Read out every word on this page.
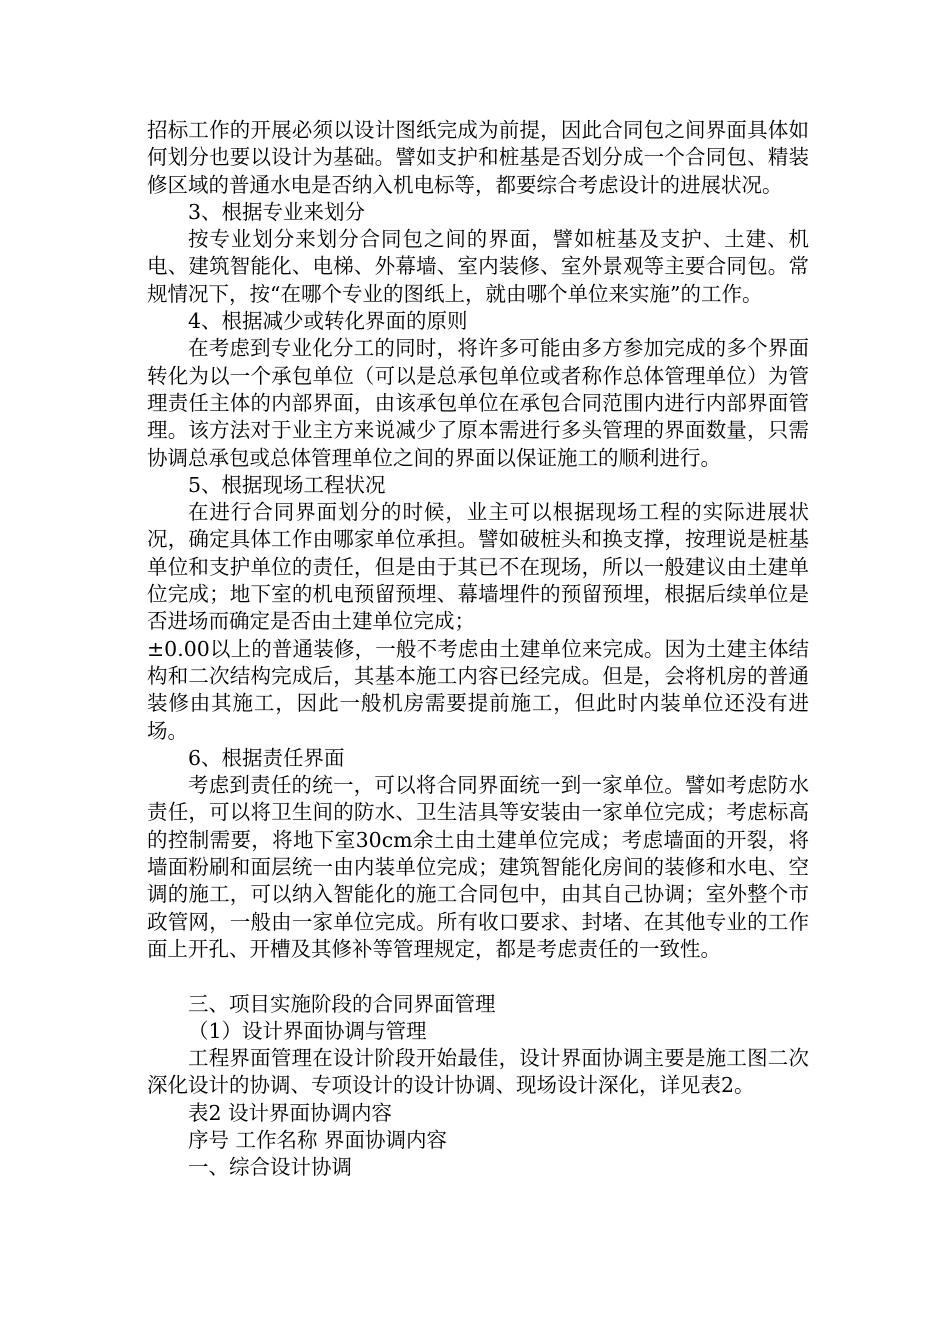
招标工作的开展必须以设计图纸完成为前提，因此合同包之间界面具体如何划分也要以设计为基础。譬如支护和桩基是否划分成一个合同包、精装修区域的普通水电是否纳入机电标等，都要综合考虑设计的进展状况。

3、根据专业来划分

按专业划分来划分合同包之间的界面，譬如桩基及支护、土建、机电、建筑智能化、电梯、外幕墙、室内装修、室外景观等主要合同包。常规情况下，按“在哪个专业的图纸上，就由哪个单位来实施”的工作。

4、根据减少或转化界面的原则

在考虑到专业化分工的同时，将许多可能由多方参加完成的多个界面转化为以一个承包单位（可以是总承包单位或者称作总体管理单位）为管理责任主体的内部界面，由该承包单位在承包合同范围内进行内部界面管理。该方法对于业主方来说减少了原本需进行多头管理的界面数量，只需协调总承包或总体管理单位之间的界面以保证施工的顺利进行。

5、根据现场工程状况

在进行合同界面划分的时候，业主可以根据现场工程的实际进展状况，确定具体工作由哪家单位承担。譬如破桩头和换支撑，按理说是桩基单位和支护单位的责任，但是由于其已不在现场，所以一般建议由土建单位完成；地下室的机电预留预埋、幕墙埋件的预留预埋，根据后续单位是否进场而确定是否由土建单位完成；

±0.00以上的普通装修，一般不考虑由土建单位来完成。因为土建主体结构和二次结构完成后，其基本施工内容已经完成。但是，会将机房的普通装修由其施工，因此一般机房需要提前施工，但此时内装单位还没有进场。

6、根据责任界面

考虑到责任的统一，可以将合同界面统一到一家单位。譬如考虑防水责任，可以将卫生间的防水、卫生洁具等安装由一家单位完成；考虑标高的控制需要，将地下室30cm余土由土建单位完成；考虑墙面的开裂，将墙面粉刷和面层统一由内装单位完成；建筑智能化房间的装修和水电、空调的施工，可以纳入智能化的施工合同包中，由其自己协调；室外整个市政管网，一般由一家单位完成。所有收口要求、封堵、在其他专业的工作面上开孔、开槽及其修补等管理规定，都是考虑责任的一致性。

三、项目实施阶段的合同界面管理

（1）设计界面协调与管理

工程界面管理在设计阶段开始最佳，设计界面协调主要是施工图二次深化设计的协调、专项设计的设计协调、现场设计深化，详见表2。

表2 设计界面协调内容

序号 工作名称 界面协调内容

一、综合设计协调
